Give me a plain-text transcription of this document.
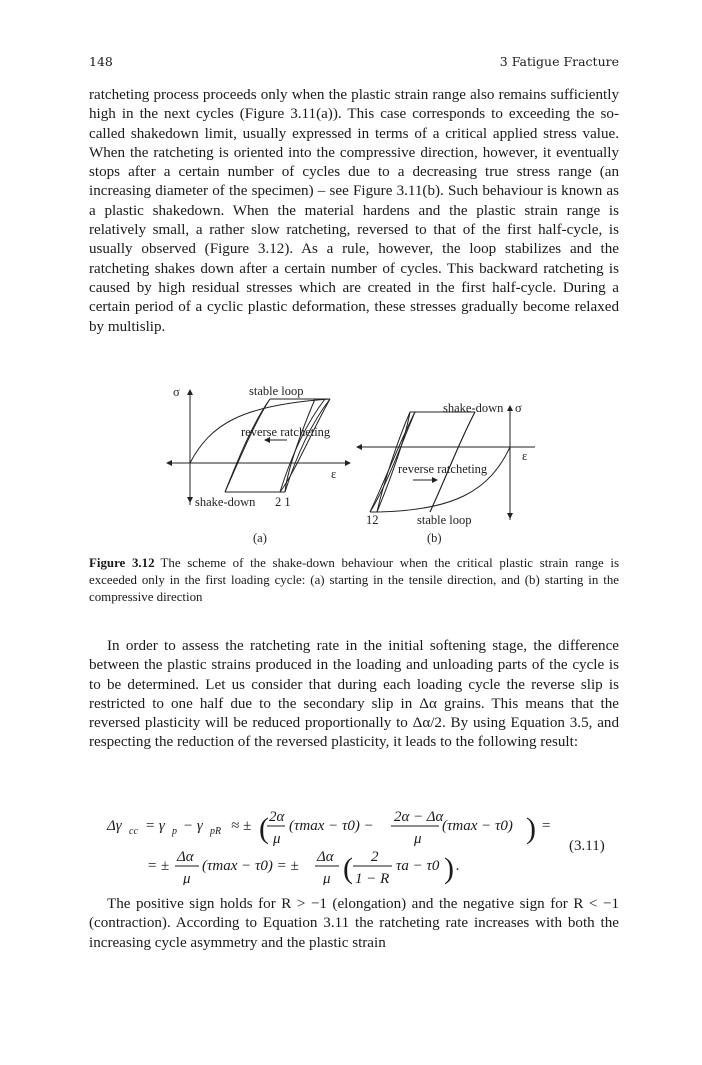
148	3 Fatigue Fracture

ratcheting process proceeds only when the plastic strain range also remains sufficiently high in the next cycles (Figure 3.11(a)). This case corresponds to exceeding the so-called shakedown limit, usually expressed in terms of a critical applied stress value. When the ratcheting is oriented into the compressive direction, however, it eventually stops after a certain number of cycles due to a decreasing true stress range (an increasing diameter of the specimen) – see Figure 3.11(b). Such behaviour is known as a plastic shakedown. When the material hardens and the plastic strain range is relatively small, a rather slow ratcheting, reversed to that of the first half-cycle, is usually observed (Figure 3.12). As a rule, however, the loop stabilizes and the ratcheting shakes down after a certain number of cycles. This backward ratcheting is caused by high residual stresses which are created in the first half-cycle. During a certain period of a cyclic plastic deformation, these stresses gradually become relaxed by multislip.

σ	stable loop
reverse ratcheting
ε
shake-down 2 1
(a)
shake-down σ
ε
reverse ratcheting
12	stable loop
(b)

Figure 3.12 The scheme of the shake-down behaviour when the critical plastic strain range is exceeded only in the first loading cycle: (a) starting in the tensile direction, and (b) starting in the compressive direction

In order to assess the ratcheting rate in the initial softening stage, the difference between the plastic strains produced in the loading and unloading parts of the cycle is to be determined. Let us consider that during each loading cycle the reverse slip is restricted to one half due to the secondary slip in Δα grains. This means that the reversed plasticity will be reduced proportionally to Δα/2. By using Equation 3.5, and respecting the reduction of the reversed plasticity, it leads to the following result:

Δγ cc = γ p − γ pR ≈ ± ( 2α
μ
(τmax − τ0) −
2α − Δα
μ
(τmax − τ0) ) =
= ±
Δα
μ
(τmax − τ0) = ±
Δα
μ ( 2
1 − R
τa − τ0 ) .
(3.11)

The positive sign holds for R > −1 (elongation) and the negative sign for R < −1 (contraction). According to Equation 3.11 the ratcheting rate increases with both the increasing cycle asymmetry and the plastic strain
